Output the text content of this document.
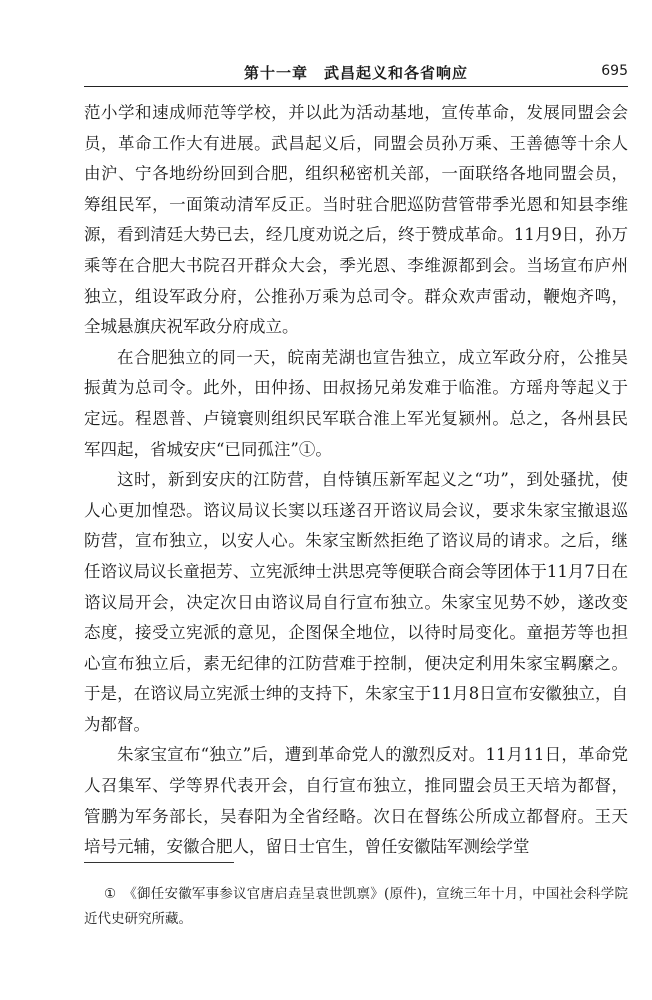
第十一章　武昌起义和各省响应	695

范小学和速成师范等学校，并以此为活动基地，宣传革命，发展同盟会会员，革命工作大有进展。武昌起义后，同盟会员孙万乘、王善德等十余人由沪、宁各地纷纷回到合肥，组织秘密机关部，一面联络各地同盟会员，筹组民军，一面策动清军反正。当时驻合肥巡防营管带季光恩和知县李维源，看到清廷大势已去，经几度劝说之后，终于赞成革命。11月9日，孙万乘等在合肥大书院召开群众大会，季光恩、李维源都到会。当场宣布庐州独立，组设军政分府，公推孙万乘为总司令。群众欢声雷动，鞭炮齐鸣，全城悬旗庆祝军政分府成立。

在合肥独立的同一天，皖南芜湖也宣告独立，成立军政分府，公推吴振黄为总司令。此外，田仲扬、田叔扬兄弟发难于临淮。方瑶舟等起义于定远。程恩普、卢镜寰则组织民军联合淮上军光复颍州。总之，各州县民军四起，省城安庆“已同孤注”①。

这时，新到安庆的江防营，自恃镇压新军起义之“功”，到处骚扰，使人心更加惶恐。谘议局议长窦以珏遂召开谘议局会议，要求朱家宝撤退巡防营，宣布独立，以安人心。朱家宝断然拒绝了谘议局的请求。之后，继任谘议局议长童挹芳、立宪派绅士洪思亮等便联合商会等团体于11月7日在谘议局开会，决定次日由谘议局自行宣布独立。朱家宝见势不妙，遂改变态度，接受立宪派的意见，企图保全地位，以待时局变化。童挹芳等也担心宣布独立后，素无纪律的江防营难于控制，便决定利用朱家宝羁縻之。于是，在谘议局立宪派士绅的支持下，朱家宝于11月8日宣布安徽独立，自为都督。

朱家宝宣布“独立”后，遭到革命党人的激烈反对。11月11日，革命党人召集军、学等界代表开会，自行宣布独立，推同盟会员王天培为都督，管鹏为军务部长，吴春阳为全省经略。次日在督练公所成立都督府。王天培号元辅，安徽合肥人，留日士官生，曾任安徽陆军测绘学堂

①　 《御任安徽军事参议官唐启垚呈袁世凯禀》(原件)，宣统三年十月，中国社会科学院近代史研究所藏。
